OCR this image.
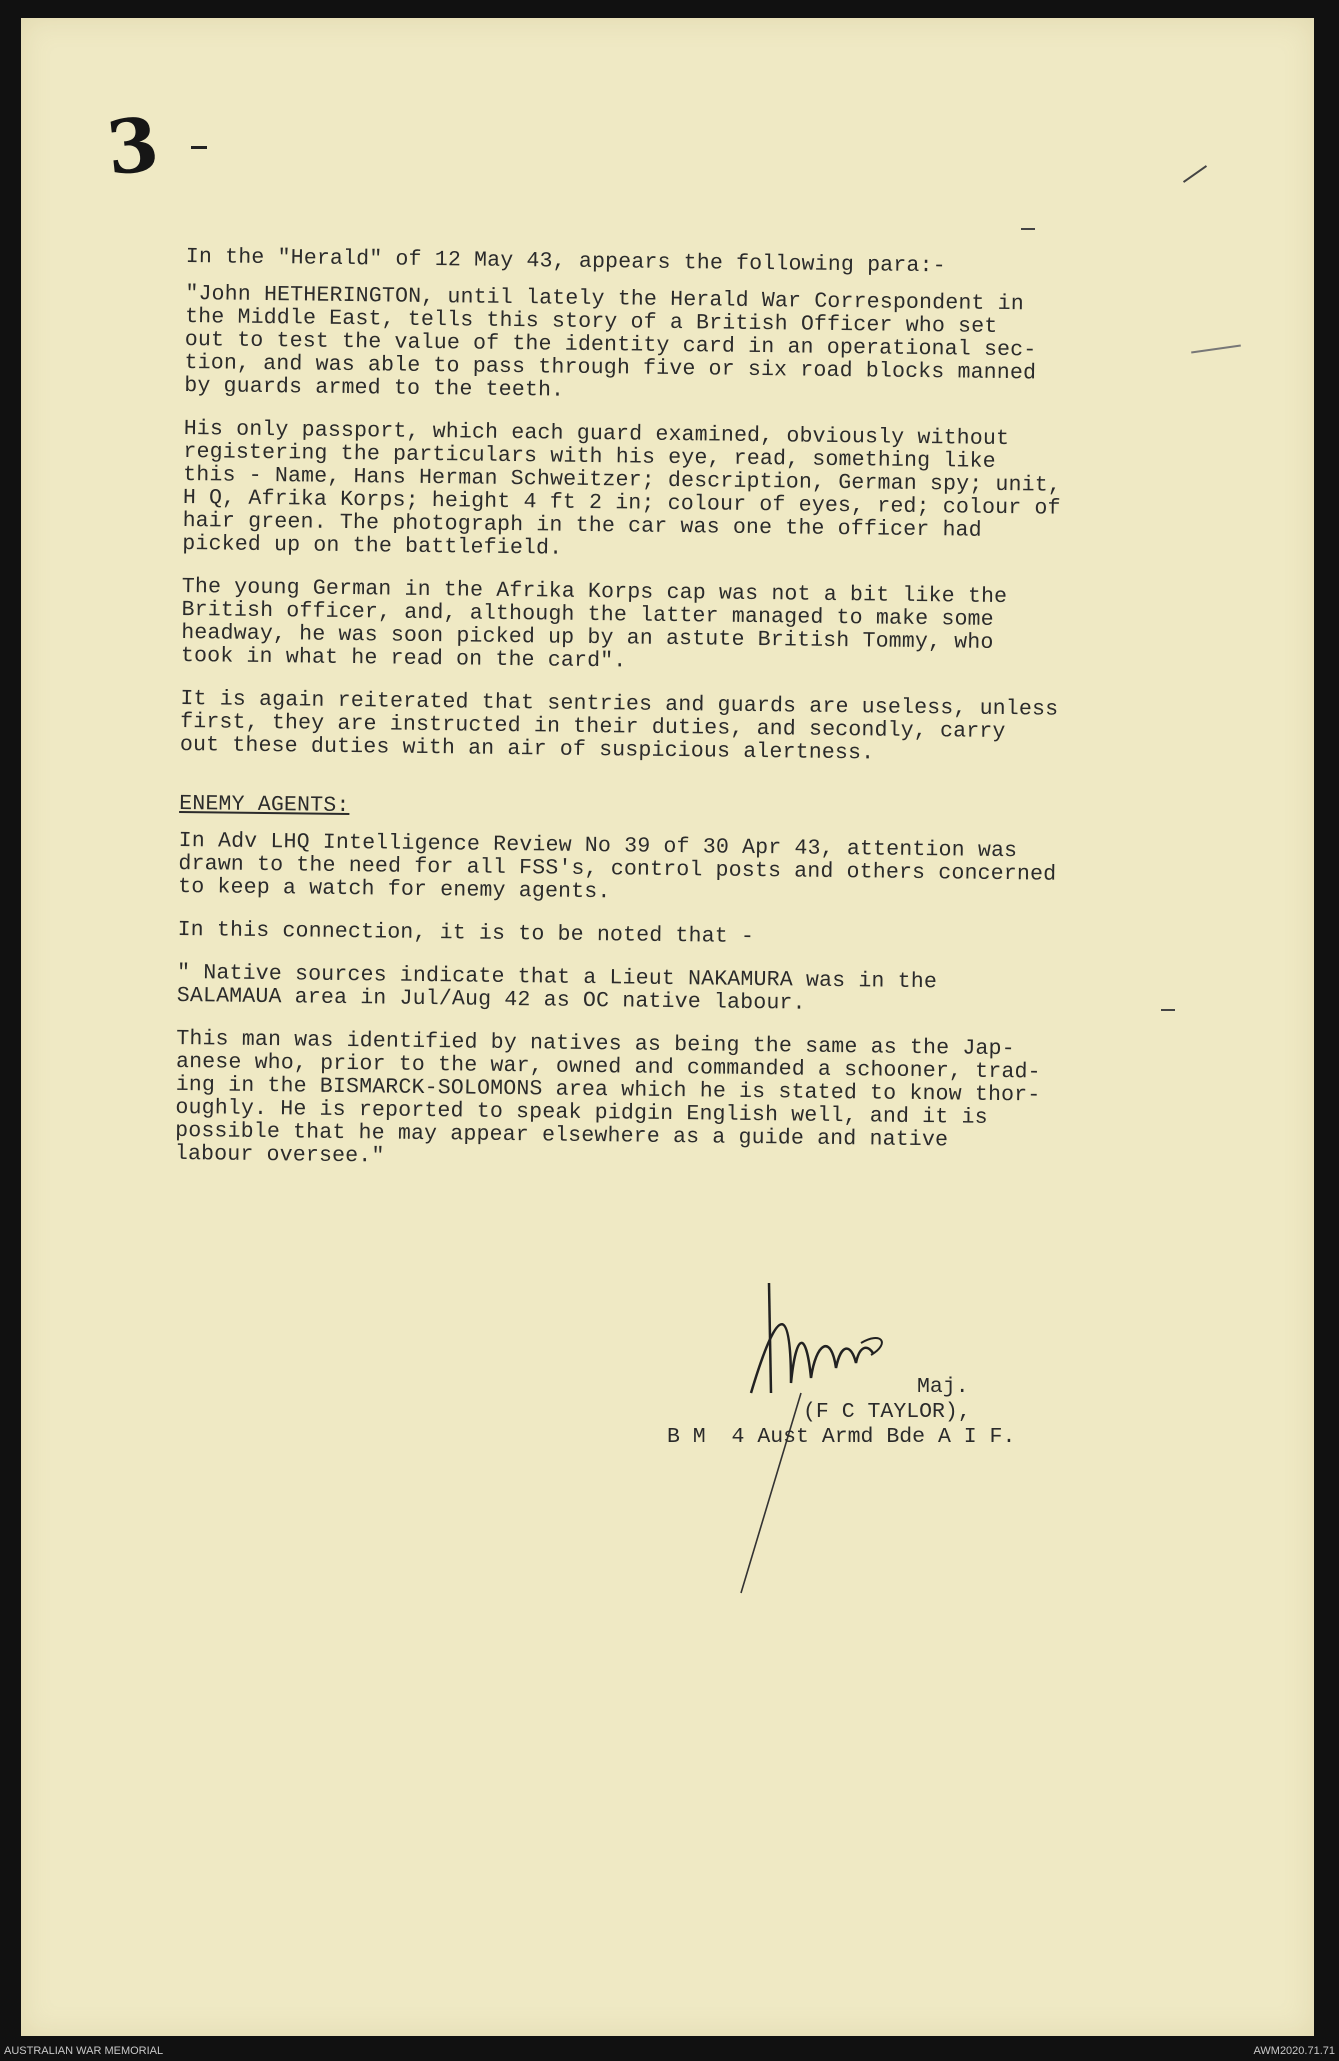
3

In the "Herald" of 12 May 43, appears the following para:-

"John HETHERINGTON, until lately the Herald War Correspondent in
the Middle East, tells this story of a British Officer who set
out to test the value of the identity card in an operational sec-
tion, and was able to pass through five or six road blocks manned
by guards armed to the teeth.

His only passport, which each guard examined, obviously without
registering the particulars with his eye, read, something like
this - Name, Hans Herman Schweitzer; description, German spy; unit,
H Q, Afrika Korps; height 4 ft 2 in; colour of eyes, red; colour of
hair green. The photograph in the car was one the officer had
picked up on the battlefield.

The young German in the Afrika Korps cap was not a bit like the
British officer, and, although the latter managed to make some
headway, he was soon picked up by an astute British Tommy, who
took in what he read on the card".

It is again reiterated that sentries and guards are useless, unless
first, they are instructed in their duties, and secondly, carry
out these duties with an air of suspicious alertness.

ENEMY AGENTS:

In Adv LHQ Intelligence Review No 39 of 30 Apr 43, attention was
drawn to the need for all FSS's, control posts and others concerned
to keep a watch for enemy agents.

In this connection, it is to be noted that -

" Native sources indicate that a Lieut NAKAMURA was in the
SALAMAUA area in Jul/Aug 42 as OC native labour.

This man was identified by natives as being the same as the Jap-
anese who, prior to the war, owned and commanded a schooner, trad-
ing in the BISMARCK-SOLOMONS area which he is stated to know thor-
oughly. He is reported to speak pidgin English well, and it is
possible that he may appear elsewhere as a guide and native
labour oversee."

Maj.
(F C TAYLOR),
B M  4 Aust Armd Bde A I F.
AUSTRALIAN WAR MEMORIAL	AWM2020.71.71
